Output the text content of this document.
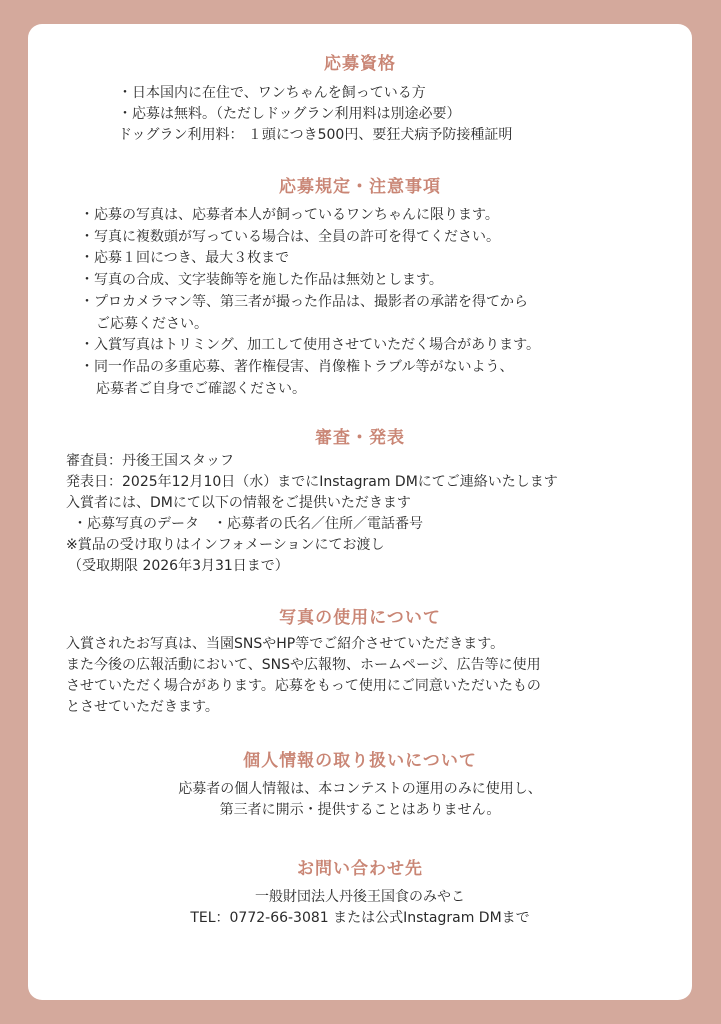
応募資格

・日本国内に在住で、ワンちゃんを飼っている方

・応募は無料。（ただしドッグラン利用料は別途必要）

ドッグラン利用料： １頭につき500円、要狂犬病予防接種証明

応募規定・注意事項

・応募の写真は、応募者本人が飼っているワンちゃんに限ります。

・写真に複数頭が写っている場合は、全員の許可を得てください。

・応募１回につき、最大３枚まで

・写真の合成、文字装飾等を施した作品は無効とします。

・プロカメラマン等、第三者が撮った作品は、撮影者の承諾を得てから

ご応募ください。

・入賞写真はトリミング、加工して使用させていただく場合があります。

・同一作品の多重応募、著作権侵害、肖像権トラブル等がないよう、

応募者ご自身でご確認ください。

審査・発表

審査員：丹後王国スタッフ

発表日：2025年12月10日（水）までにInstagram DMにてご連絡いたします

入賞者には、DMにて以下の情報をご提供いただきます

・応募写真のデータ　・応募者の氏名／住所／電話番号

※賞品の受け取りはインフォメーションにてお渡し

（受取期限 2026年3月31日まで）

写真の使用について

入賞されたお写真は、当園SNSやHP等でご紹介させていただきます。

また今後の広報活動において、SNSや広報物、ホームページ、広告等に使用

させていただく場合があります。応募をもって使用にご同意いただいたもの

とさせていただきます。

個人情報の取り扱いについて

応募者の個人情報は、本コンテストの運用のみに使用し、

第三者に開示・提供することはありません。

お問い合わせ先

一般財団法人丹後王国食のみやこ

TEL：0772-66-3081 または公式Instagram DMまで
